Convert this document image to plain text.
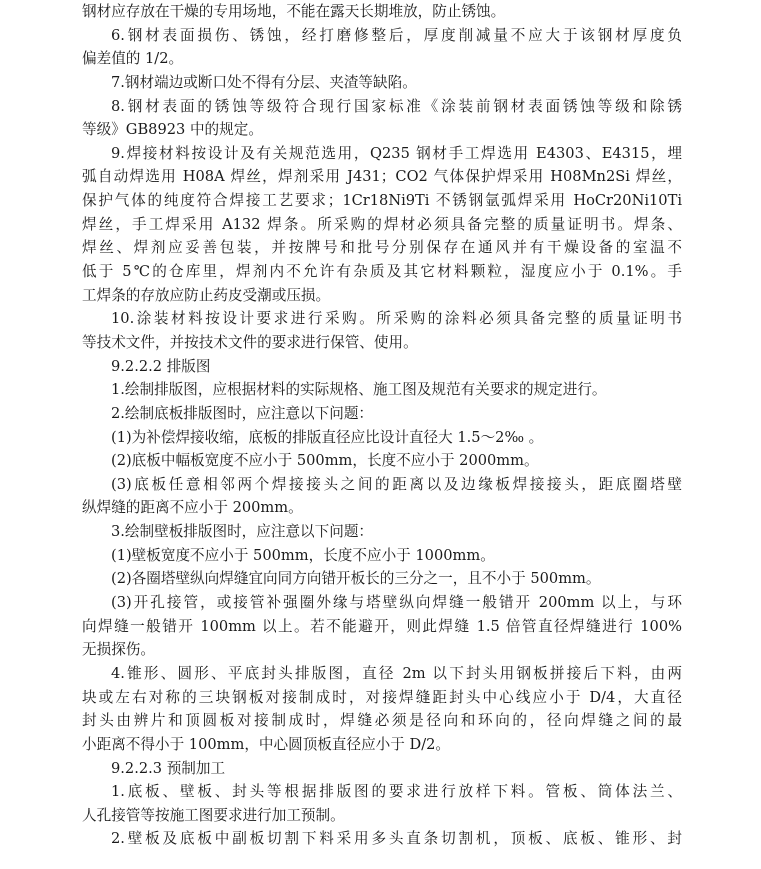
钢材应存放在干燥的专用场地，不能在露天长期堆放，防止锈蚀。
6.钢材表面损伤、锈蚀，经打磨修整后，厚度削减量不应大于该钢材厚度负
偏差值的 1/2。
7.钢材端边或断口处不得有分层、夹渣等缺陷。
8.钢材表面的锈蚀等级符合现行国家标准《涂装前钢材表面锈蚀等级和除锈
等级》GB8923 中的规定。
9.焊接材料按设计及有关规范选用，Q235 钢材手工焊选用 E4303、E4315，埋
弧自动焊选用 H08A 焊丝，焊剂采用 J431；CO2 气体保护焊采用 H08Mn2Si 焊丝，
保护气体的纯度符合焊接工艺要求；1Cr18Ni9Ti 不锈钢氩弧焊采用 HoCr20Ni10Ti
焊丝，手工焊采用 A132 焊条。所采购的焊材必须具备完整的质量证明书。焊条、
焊丝、焊剂应妥善包装，并按牌号和批号分别保存在通风并有干燥设备的室温不
低于 5℃的仓库里，焊剂内不允许有杂质及其它材料颗粒，湿度应小于 0.1%。手
工焊条的存放应防止药皮受潮或压损。
10.涂装材料按设计要求进行采购。所采购的涂料必须具备完整的质量证明书
等技术文件，并按技术文件的要求进行保管、使用。
9.2.2.2 排版图
1.绘制排版图，应根据材料的实际规格、施工图及规范有关要求的规定进行。
2.绘制底板排版图时，应注意以下问题：
(1)为补偿焊接收缩，底板的排版直径应比设计直径大 1.5～2‰ 。
(2)底板中幅板宽度不应小于 500mm，长度不应小于 2000mm。
(3)底板任意相邻两个焊接接头之间的距离以及边缘板焊接接头，距底圈塔壁
纵焊缝的距离不应小于 200mm。
3.绘制壁板排版图时，应注意以下问题：
(1)壁板宽度不应小于 500mm，长度不应小于 1000mm。
(2)各圈塔壁纵向焊缝宜向同方向错开板长的三分之一，且不小于 500mm。
(3)开孔接管，或接管补强圈外缘与塔壁纵向焊缝一般错开 200mm 以上，与环
向焊缝一般错开 100mm 以上。若不能避开，则此焊缝 1.5 倍管直径焊缝进行 100%
无损探伤。
4.锥形、圆形、平底封头排版图，直径 2m 以下封头用钢板拼接后下料，由两
块或左右对称的三块钢板对接制成时，对接焊缝距封头中心线应小于 D/4，大直径
封头由辨片和顶圆板对接制成时，焊缝必须是径向和环向的，径向焊缝之间的最
小距离不得小于 100mm，中心圆顶板直径应小于 D/2。
9.2.2.3 预制加工
1.底板、壁板、封头等根据排版图的要求进行放样下料。管板、筒体法兰、
人孔接管等按施工图要求进行加工预制。
2.壁板及底板中副板切割下料采用多头直条切割机，顶板、底板、锥形、封
